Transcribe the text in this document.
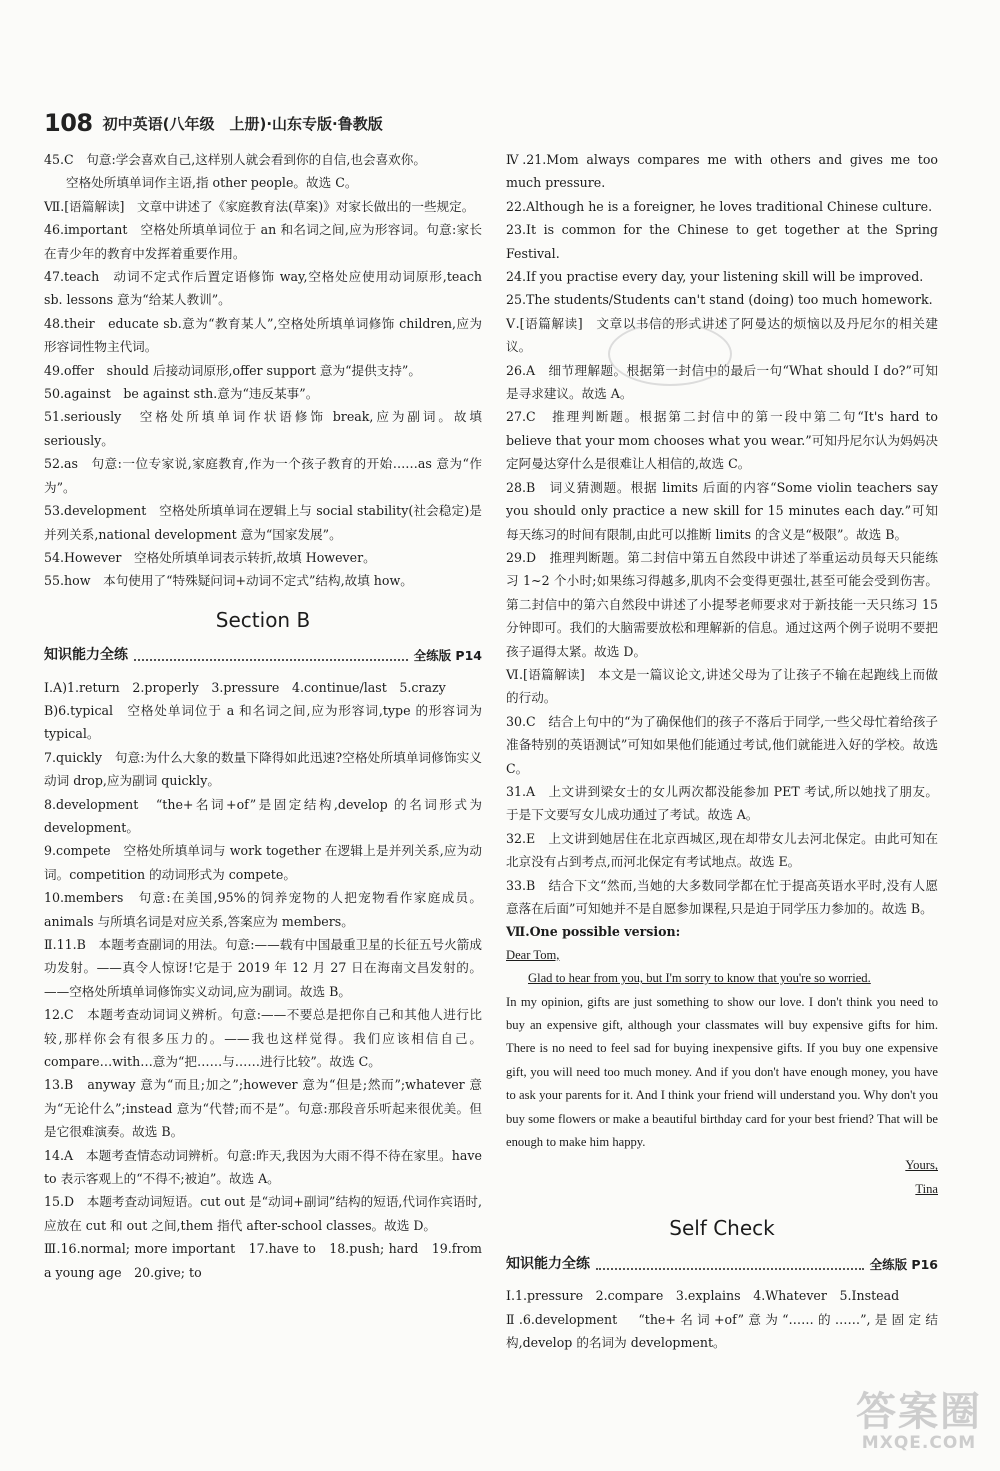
108 初中英语(八年级　上册)·山东专版·鲁教版

45.C　句意:学会喜欢自己,这样别人就会看到你的自信,也会喜欢你。

空格处所填单词作主语,指 other people。故选 C。

Ⅶ.[语篇解读]　文章中讲述了《家庭教育法(草案)》对家长做出的一些规定。

46.important　空格处所填单词位于 an 和名词之间,应为形容词。句意:家长在青少年的教育中发挥着重要作用。

47.teach　动词不定式作后置定语修饰 way,空格处应使用动词原形,teach sb. lessons 意为“给某人教训”。

48.their　educate sb.意为“教育某人”,空格处所填单词修饰 children,应为形容词性物主代词。

49.offer　should 后接动词原形,offer support 意为“提供支持”。

50.against　be against sth.意为“违反某事”。

51.seriously　空格处所填单词作状语修饰 break,应为副词。故填 seriously。

52.as　句意:一位专家说,家庭教育,作为一个孩子教育的开始……as 意为“作为”。

53.development　空格处所填单词在逻辑上与 social stability(社会稳定)是并列关系,national development 意为“国家发展”。

54.However　空格处所填单词表示转折,故填 However。

55.how　本句使用了“特殊疑问词+动词不定式”结构,故填 how。

Section B
知识能力全练	全练版 P14

Ⅰ.A)1.return　2.properly　3.pressure　4.continue/last　5.crazy

B)6.typical　空格处单词位于 a 和名词之间,应为形容词,type 的形容词为 typical。

7.quickly　句意:为什么大象的数量下降得如此迅速?空格处所填单词修饰实义动词 drop,应为副词 quickly。

8.development　“the+名词+of”是固定结构,develop 的名词形式为 development。

9.compete　空格处所填单词与 work together 在逻辑上是并列关系,应为动词。competition 的动词形式为 compete。

10.members　句意:在美国,95%的饲养宠物的人把宠物看作家庭成员。animals 与所填名词是对应关系,答案应为 members。

Ⅱ.11.B　本题考查副词的用法。句意:——载有中国最重卫星的长征五号火箭成功发射。——真令人惊讶!它是于 2019 年 12 月 27 日在海南文昌发射的。——空格处所填单词修饰实义动词,应为副词。故选 B。

12.C　本题考查动词词义辨析。句意:——不要总是把你自己和其他人进行比较,那样你会有很多压力的。——我也这样觉得。我们应该相信自己。compare…with…意为“把……与……进行比较”。故选 C。

13.B　anyway 意为“而且;加之”;however 意为“但是;然而”;whatever 意为“无论什么”;instead 意为“代替;而不是”。句意:那段音乐听起来很优美。但是它很难演奏。故选 B。

14.A　本题考查情态动词辨析。句意:昨天,我因为大雨不得不待在家里。have to 表示客观上的“不得不;被迫”。故选 A。

15.D　本题考查动词短语。cut out 是“动词+副词”结构的短语,代词作宾语时,应放在 cut 和 out 之间,them 指代 after-school classes。故选 D。

Ⅲ.16.normal; more important　17.have to　18.push; hard　19.from a young age　20.give; to

Ⅳ.21.Mom always compares me with others and gives me too much pressure.

22.Although he is a foreigner, he loves traditional Chinese culture.

23.It is common for the Chinese to get together at the Spring Festival.

24.If you practise every day, your listening skill will be improved.

25.The students/Students can't stand (doing) too much homework.

Ⅴ.[语篇解读]　文章以书信的形式讲述了阿曼达的烦恼以及丹尼尔的相关建议。

26.A　细节理解题。根据第一封信中的最后一句“What should I do?”可知是寻求建议。故选 A。

27.C　推理判断题。根据第二封信中的第一段中第二句“It's hard to believe that your mom chooses what you wear.”可知丹尼尔认为妈妈决定阿曼达穿什么是很难让人相信的,故选 C。

28.B　词义猜测题。根据 limits 后面的内容“Some violin teachers say you should only practice a new skill for 15 minutes each day.”可知每天练习的时间有限制,由此可以推断 limits 的含义是“极限”。故选 B。

29.D　推理判断题。第二封信中第五自然段中讲述了举重运动员每天只能练习 1~2 个小时;如果练习得越多,肌肉不会变得更强壮,甚至可能会受到伤害。第二封信中的第六自然段中讲述了小提琴老师要求对于新技能一天只练习 15 分钟即可。我们的大脑需要放松和理解新的信息。通过这两个例子说明不要把孩子逼得太紧。故选 D。

Ⅵ.[语篇解读]　本文是一篇议论文,讲述父母为了让孩子不输在起跑线上而做的行动。

30.C　结合上句中的“为了确保他们的孩子不落后于同学,一些父母忙着给孩子准备特别的英语测试”可知如果他们能通过考试,他们就能进入好的学校。故选 C。

31.A　上文讲到梁女士的女儿两次都没能参加 PET 考试,所以她找了朋友。于是下文要写女儿成功通过了考试。故选 A。

32.E　上文讲到她居住在北京西城区,现在却带女儿去河北保定。由此可知在北京没有占到考点,而河北保定有考试地点。故选 E。

33.B　结合下文“然而,当她的大多数同学都在忙于提高英语水平时,没有人愿意落在后面”可知她并不是自愿参加课程,只是迫于同学压力参加的。故选 B。

Ⅶ.One possible version:

Dear Tom,

Glad to hear from you, but I'm sorry to know that you're so worried.

In my opinion, gifts are just something to show our love. I don't think you need to buy an expensive gift, although your classmates will buy expensive gifts for him. There is no need to feel sad for buying inexpensive gifts. If you buy one expensive gift, you will need too much money. And if you don't have enough money, you have to ask your parents for it. And I think your friend will understand you. Why don't you buy some flowers or make a beautiful birthday card for your best friend? That will be enough to make him happy.

Yours,

Tina

Self Check
知识能力全练	全练版 P16

Ⅰ.1.pressure　2.compare　3.explains　4.Whatever　5.Instead

Ⅱ.6.development　“the+名词+of”意为“……的……”,是固定结构,develop 的名词为 development。

答案圈
MXQE.COM
